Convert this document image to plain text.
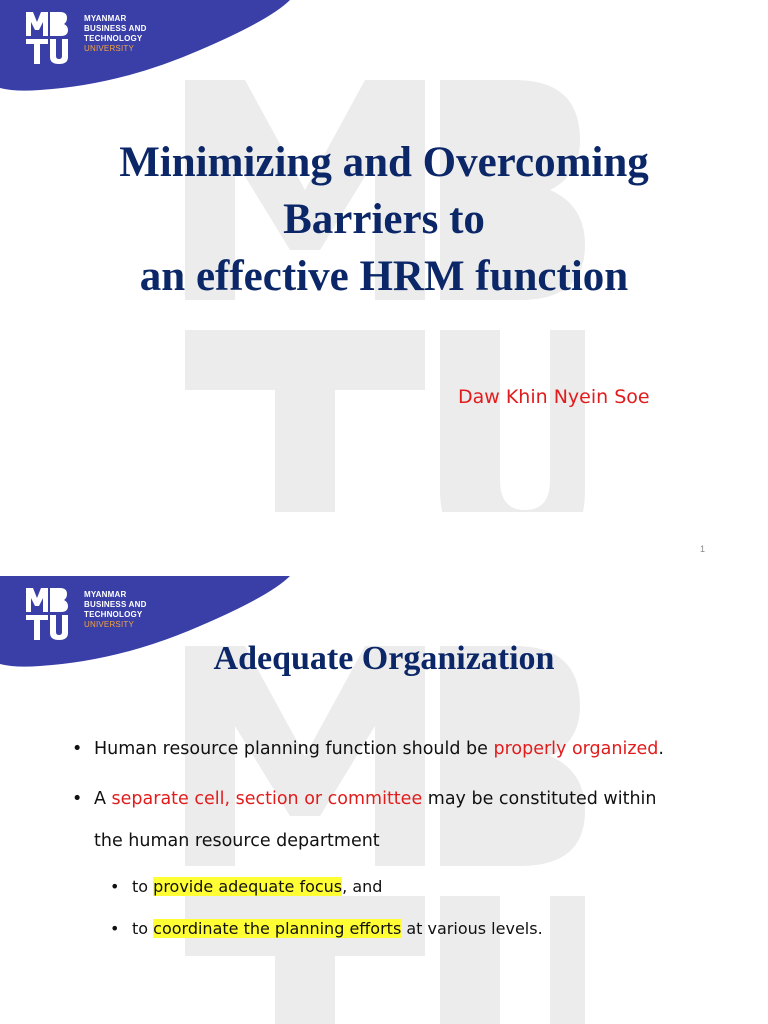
MYANMAR
BUSINESS AND
TECHNOLOGY
UNIVERSITY
Minimizing and Overcoming
Barriers to
an effective HRM function
Daw Khin Nyein Soe
1
MYANMAR
BUSINESS AND
TECHNOLOGY
UNIVERSITY
Adequate Organization
• Human resource planning function should be properly organized.
• A separate cell, section or committee may be constituted within
the human resource department
• to provide adequate focus, and
• to coordinate the planning efforts at various levels.
